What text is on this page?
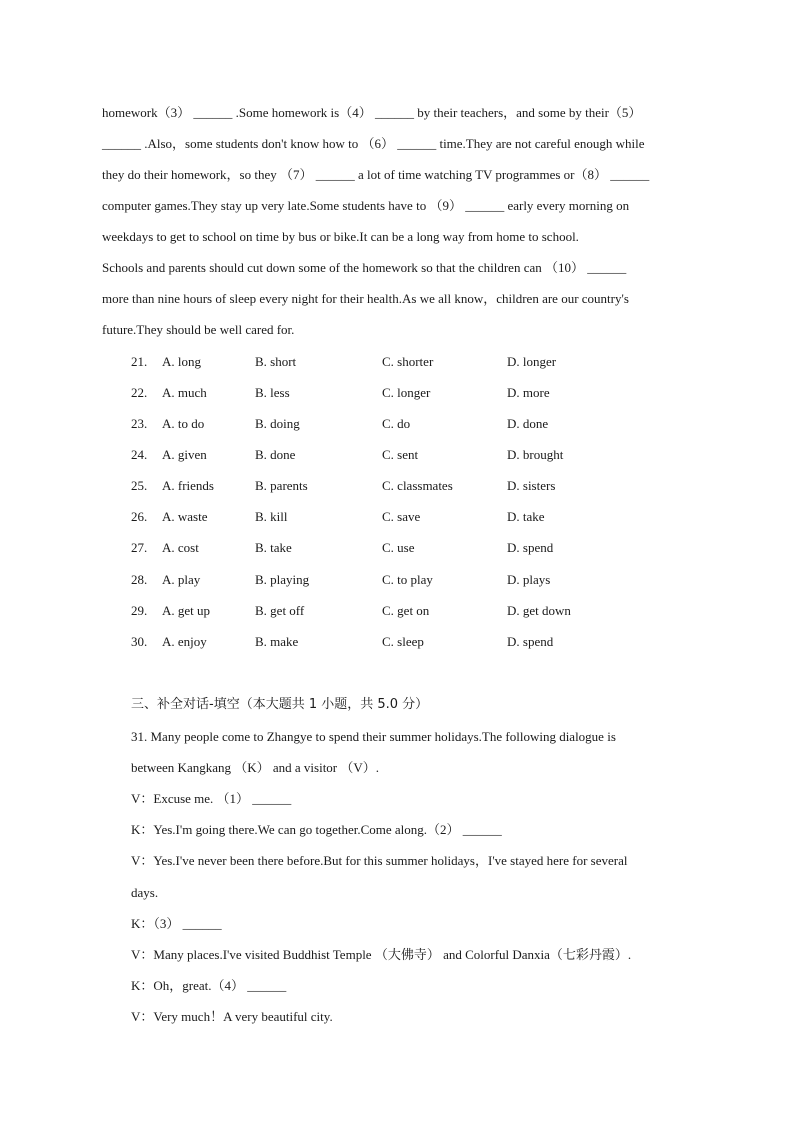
homework（3） ______ .Some homework is（4） ______ by their teachers，and some by their（5）
______ .Also，some students don't know how to （6） ______ time.They are not careful enough while
they do their homework，so they （7） ______ a lot of time watching TV programmes or（8） ______
computer games.They stay up very late.Some students have to （9） ______ early every morning on
weekdays to get to school on time by bus or bike.It can be a long way from home to school.
Schools and parents should cut down some of the homework so that the children can （10） ______
more than nine hours of sleep every night for their health.As we all know，children are our country's
future.They should be well cared for.
21. A. long	B. short	C. shorter	D. longer
22. A. much	B. less	C. longer	D. more
23. A. to do	B. doing	C. do	D. done
24. A. given	B. done	C. sent	D. brought
25. A. friends	B. parents	C. classmates	D. sisters
26. A. waste	B. kill	C. save	D. take
27. A. cost	B. take	C. use	D. spend
28. A. play	B. playing	C. to play	D. plays
29. A. get up	B. get off	C. get on	D. get down
30. A. enjoy	B. make	C. sleep	D. spend
三、补全对话-填空（本大题共 1 小题，共 5.0 分）
31. Many people come to Zhangye to spend their summer holidays.The following dialogue is
between Kangkang （K） and a visitor （V）.
V：Excuse me. （1） ______
K：Yes.I'm going there.We can go together.Come along.（2） ______
V：Yes.I've never been there before.But for this summer holidays，I've stayed here for several
days.
K：（3） ______
V：Many places.I've visited Buddhist Temple （大佛寺） and Colorful Danxia（七彩丹霞）.
K：Oh，great.（4） ______
V：Very much！A very beautiful city.
